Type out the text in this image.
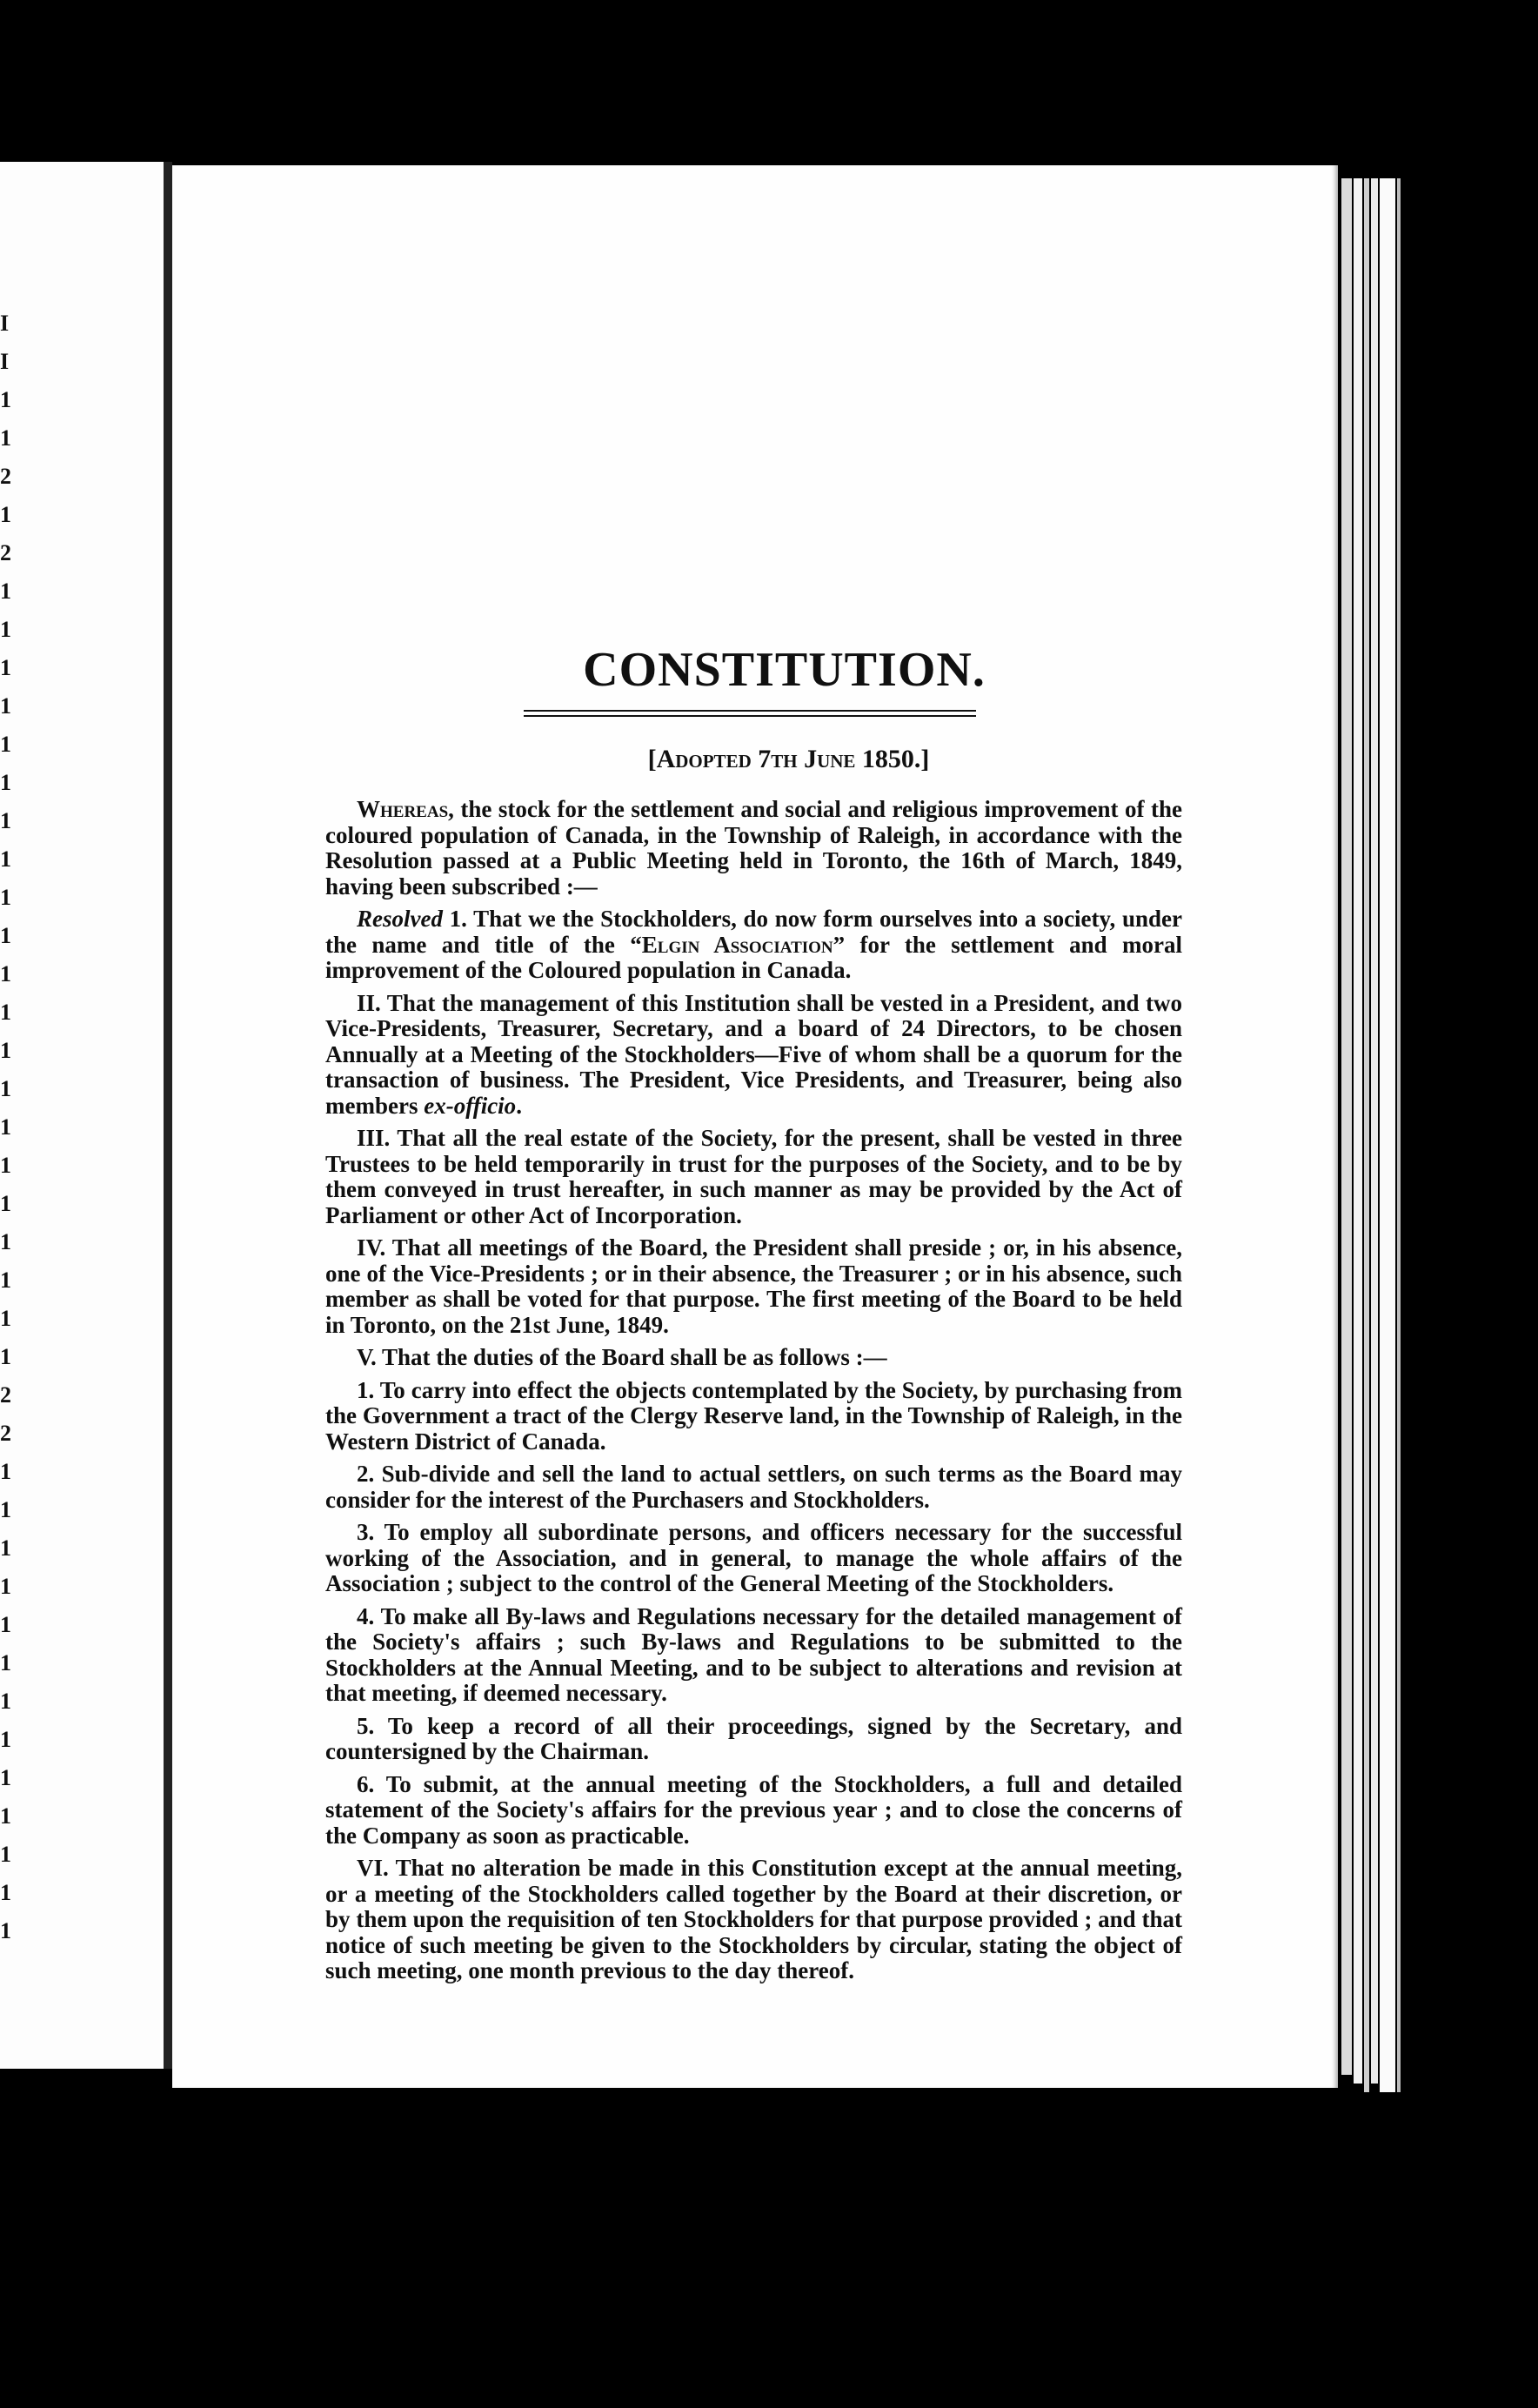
I
I
1
1
2
1
2
1
1
1
1
1
1
1
1
1
1
1
1
1
1
1
1
1
1
1
1
1
2
2
1
1
1
1
1
1
1
1
1
1
1
1
1
CONSTITUTION.
[Adopted 7th June 1850.]

Whereas, the stock for the settlement and social and religious improvement of the coloured population of Canada, in the Township of Raleigh, in accordance with the Resolution passed at a Public Meeting held in Toronto, the 16th of March, 1849, having been subscribed :—

Resolved 1. That we the Stockholders, do now form ourselves into a society, under the name and title of the “Elgin Association” for the settlement and moral improvement of the Coloured population in Canada.

II. That the management of this Institution shall be vested in a President, and two Vice-Presidents, Treasurer, Secretary, and a board of 24 Directors, to be chosen Annually at a Meeting of the Stockholders—Five of whom shall be a quorum for the transaction of business. The President, Vice Presidents, and Treasurer, being also members ex-officio.

III. That all the real estate of the Society, for the present, shall be vested in three Trustees to be held temporarily in trust for the purposes of the Society, and to be by them conveyed in trust hereafter, in such manner as may be provided by the Act of Parliament or other Act of Incorporation.

IV. That all meetings of the Board, the President shall preside ; or, in his absence, one of the Vice-Presidents ; or in their absence, the Treasurer ; or in his absence, such member as shall be voted for that purpose. The first meeting of the Board to be held in Toronto, on the 21st June, 1849.

V. That the duties of the Board shall be as follows :—

1. To carry into effect the objects contemplated by the Society, by purchasing from the Government a tract of the Clergy Reserve land, in the Township of Raleigh, in the Western District of Canada.

2. Sub-divide and sell the land to actual settlers, on such terms as the Board may consider for the interest of the Purchasers and Stockholders.

3. To employ all subordinate persons, and officers necessary for the successful working of the Association, and in general, to manage the whole affairs of the Association ; subject to the control of the General Meeting of the Stockholders.

4. To make all By-laws and Regulations necessary for the detailed management of the Society's affairs ; such By-laws and Regulations to be submitted to the Stockholders at the Annual Meeting, and to be subject to alterations and revision at that meeting, if deemed necessary.

5. To keep a record of all their proceedings, signed by the Secretary, and countersigned by the Chairman.

6. To submit, at the annual meeting of the Stockholders, a full and detailed statement of the Society's affairs for the previous year ; and to close the concerns of the Company as soon as practicable.

VI. That no alteration be made in this Constitution except at the annual meeting, or a meeting of the Stockholders called together by the Board at their discretion, or by them upon the requisition of ten Stockholders for that purpose provided ; and that notice of such meeting be given to the Stockholders by circular, stating the object of such meeting, one month previous to the day thereof.
